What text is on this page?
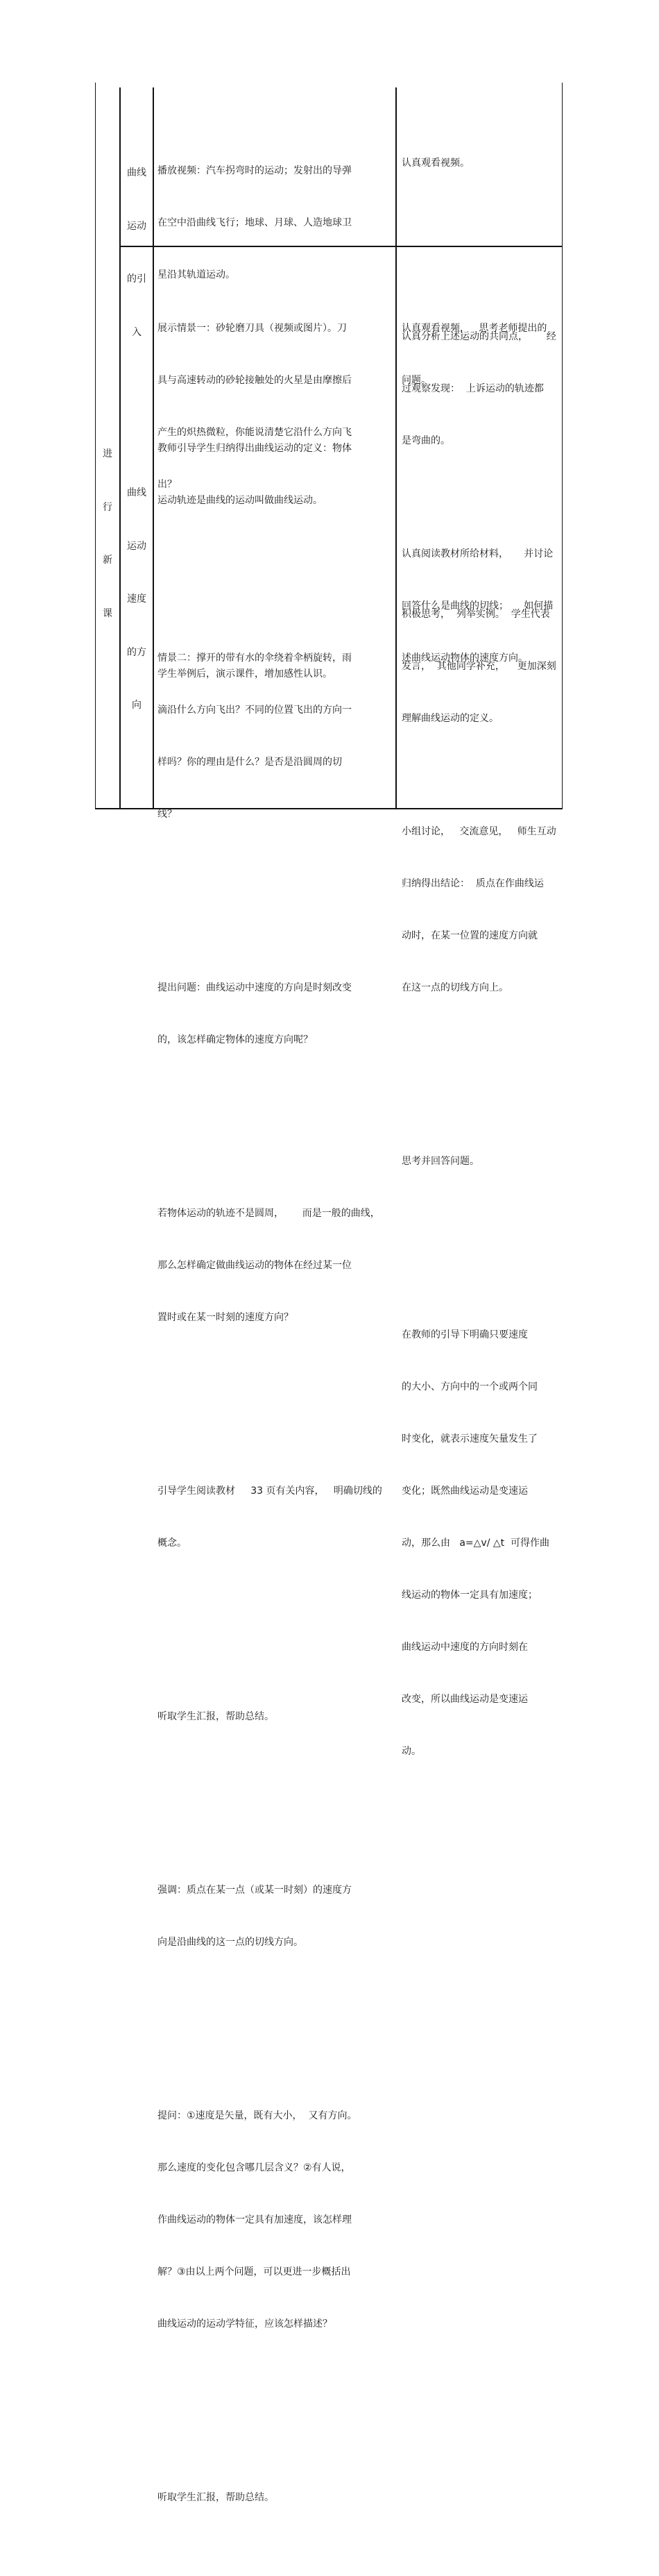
进

行

新

课

曲线

运动

的引

入

播放视频：汽车拐弯时的运动；发射出的导弹

在空中沿曲线飞行；地球、月球、人造地球卫

星沿其轨道运动。

教师引导学生归纳得出曲线运动的定义：物体

运动轨迹是曲线的运动叫做曲线运动。

学生举例后，演示课件，增加感性认识。

认真观看视频。

认真分析上述运动的共同点，      经

过观察发现：  上诉运动的轨迹都

是弯曲的。

积极思考，  列举实例。  学生代表

发言，  其他同学补充，    更加深刻

理解曲线运动的定义。

曲线

运动

速度

的方

向

展示情景一：砂轮磨刀具（视频或图片）。刀

具与高速转动的砂轮接触处的火星是由摩擦后

产生的炽热微粒，你能说清楚它沿什么方向飞

出？

情景二：撑开的带有水的伞绕着伞柄旋转，雨

滴沿什么方向飞出？不同的位置飞出的方向一

样吗？你的理由是什么？是否是沿圆周的切

线？

提出问题：曲线运动中速度的方向是时刻改变

的，该怎样确定物体的速度方向呢？

若物体运动的轨迹不是圆周，      而是一般的曲线，

那么怎样确定做曲线运动的物体在经过某一位

置时或在某一时刻的速度方向？

引导学生阅读教材     33 页有关内容，   明确切线的

概念。

听取学生汇报，帮助总结。

强调：质点在某一点（或某一时刻）的速度方

向是沿曲线的这一点的切线方向。

提问：①速度是矢量，既有大小，  又有方向。

那么速度的变化包含哪几层含义？②有人说，

作曲线运动的物体一定具有加速度，该怎样理

解？③由以上两个问题，可以更进一步概括出

曲线运动的运动学特征，应该怎样描述？

听取学生汇报，帮助总结。

认真观看视频，   思考老师提出的

问题。

认真阅读教材所给材料，     并讨论

回答什么是曲线的切线；     如何描

述曲线运动物体的速度方向。

小组讨论，   交流意见，   师生互动

归纳得出结论：  质点在作曲线运

动时，在某一位置的速度方向就

在这一点的切线方向上。

思考并回答问题。

在教师的引导下明确只要速度

的大小、方向中的一个或两个同

时变化，就表示速度矢量发生了

变化；既然曲线运动是变速运

动，那么由   a=△v/ △t  可得作曲

线运动的物体一定具有加速度；

曲线运动中速度的方向时刻在

改变，所以曲线运动是变速运

动。
